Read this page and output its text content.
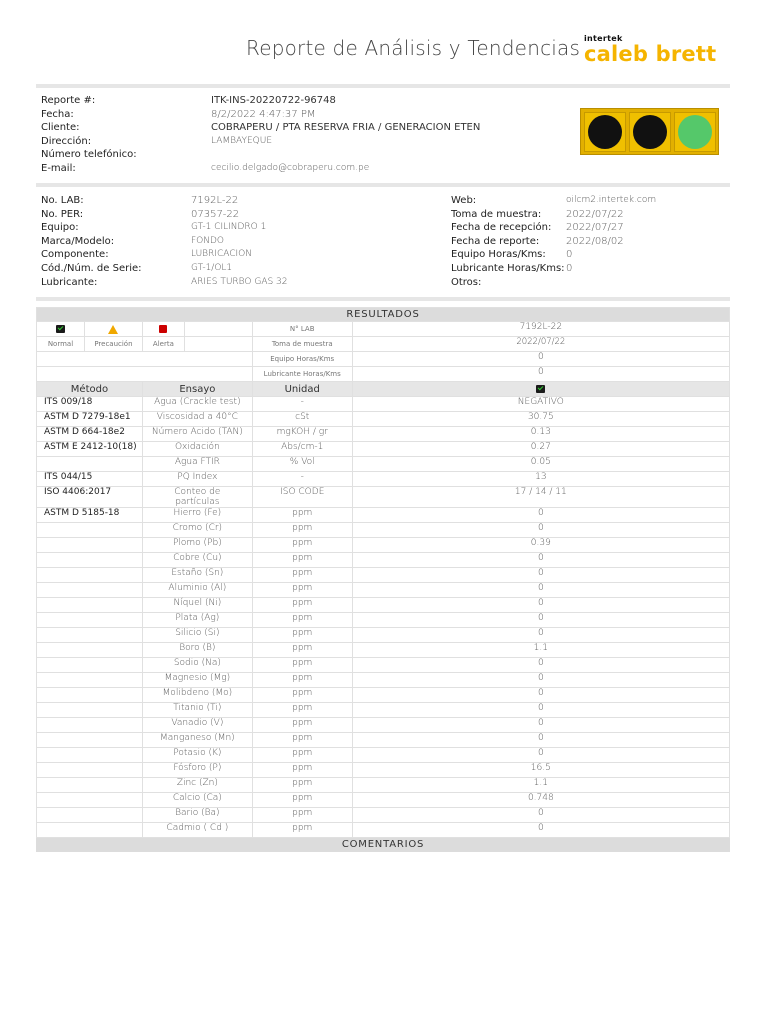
Reporte de Análisis y Tendencias intertek
caleb brett
Reporte #:	ITK-INS-20220722-96748
Fecha:	8/2/2022 4:47:37 PM
Cliente:	COBRAPERU / PTA RESERVA FRIA / GENERACION ETEN
Dirección:	LAMBAYEQUE
Número telefónico:
E-mail:	cecilio.delgado@cobraperu.com.pe
No. LAB:	7192L-22
No. PER:	07357-22
Equipo:	GT-1 CILINDRO 1
Marca/Modelo:	FONDO
Componente:	LUBRICACION
Cód./Núm. de Serie:	GT-1/OL1
Lubricante:	ARIES TURBO GAS 32
Web:	oilcm2.intertek.com
Toma de muestra: 2022/07/22
Fecha de recepción: 2022/07/27
Fecha de reporte:	2022/08/02
Equipo Horas/Kms: 0
Lubricante Horas/Kms: 0
Otros:
RESULTADOS					
				N° LAB	7192L-22
Normal	Precaución	Alerta		Toma de muestra	2022/07/22
				Equipo Horas/Kms	0
				Lubricante Horas/Kms	0
Método		Ensayo		Unidad	
ITS 009/18		Agua (Crackle test)		-	NEGATIVO
ASTM D 7279-18e1		Viscosidad a 40°C		cSt	30.75
ASTM D 664-18e2		Número Acido (TAN)		mgKOH / gr	0.13
ASTM E 2412-10(18)		Oxidación		Abs/cm-1	0.27
		Agua FTIR		% Vol	0.05
ITS 044/15		PQ Index		-	13
ISO 4406:2017		Conteo de partículas		ISO CODE	17 / 14 / 11
ASTM D 5185-18		Hierro (Fe)		ppm	0
		Cromo (Cr)		ppm	0
		Plomo (Pb)		ppm	0.39
		Cobre (Cu)		ppm	0
		Estaño (Sn)		ppm	0
		Aluminio (Al)		ppm	0
		Níquel (Ni)		ppm	0
		Plata (Ag)		ppm	0
		Silicio (Si)		ppm	0
		Boro (B)		ppm	1.1
		Sodio (Na)		ppm	0
		Magnesio (Mg)		ppm	0
		Molibdeno (Mo)		ppm	0
		Titanio (Ti)		ppm	0
		Vanadio (V)		ppm	0
		Manganeso (Mn)		ppm	0
		Potasio (K)		ppm	0
		Fósforo (P)		ppm	16.5
		Zinc (Zn)		ppm	1.1
		Calcio (Ca)		ppm	0.748
		Bario (Ba)		ppm	0
		Cadmio ( Cd )		ppm	0
COMENTARIOS
